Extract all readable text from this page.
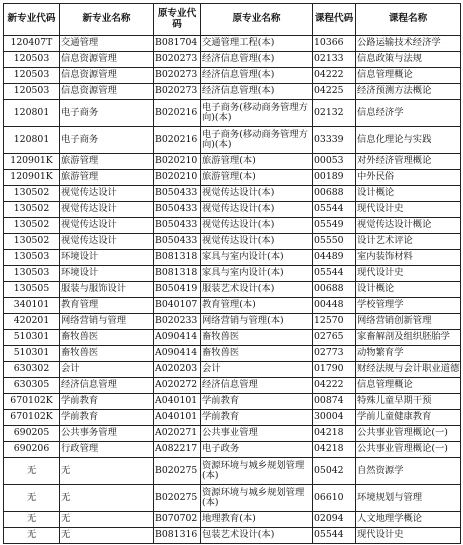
新专业代码	新专业名称	原专业代码	原专业名称	课程代码	课程名称
120407T	交通管理	B081704	交通管理工程(本)	10366	公路运输技术经济学
120503	信息资源管理	B020273	经济信息管理(本)	02133	信息政策与法规
120503	信息资源管理	B020273	经济信息管理(本)	04222	信息管理概论
120503	信息资源管理	B020273	经济信息管理(本)	04225	经济预测方法概论
120801	电子商务	B020216	电子商务(移动商务管理方向)(本)	02132	信息经济学
120801	电子商务	B020216	电子商务(移动商务管理方向)(本)	03339	信息化理论与实践
120901K	旅游管理	B020210	旅游管理(本)	00053	对外经济管理概论
120901K	旅游管理	B020210	旅游管理(本)	00189	中外民俗
130502	视觉传达设计	B050433	视觉传达设计(本)	00688	设计概论
130502	视觉传达设计	B050433	视觉传达设计(本)	05544	现代设计史
130502	视觉传达设计	B050433	视觉传达设计(本)	05549	视觉传达设计概论
130502	视觉传达设计	B050433	视觉传达设计(本)	05550	设计艺术评论
130503	环境设计	B081318	家具与室内设计(本)	04489	室内装饰材料
130503	环境设计	B081318	家具与室内设计(本)	05544	现代设计史
130505	服装与服饰设计	B050419	服装艺术设计(本)	00688	设计概论
340101	教育管理	B040107	教育管理(本)	00448	学校管理学
420201	网络营销与管理	B020233	网络营销与管理(本)	12570	网络营销创新管理
510301	畜牧兽医	A090414	畜牧兽医	02765	家畜解剖及组织胚胎学
510301	畜牧兽医	A090414	畜牧兽医	02773	动物繁育学
630302	会计	A020203	会计	01790	财经法规与会计职业道德
630305	经济信息管理	A020272	经济信息管理	04222	信息管理概论
670102K	学前教育	A040101	学前教育	00874	特殊儿童早期干预
670102K	学前教育	A040101	学前教育	30004	学前儿童健康教育
690205	公共事务管理	A020271	公共事业管理	04218	公共事业管理概论(一)
690206	行政管理	A082217	电子政务	04218	公共事业管理概论(一)
无	无	B020275	资源环境与城乡规划管理(本)	05042	自然资源学
无	无	B020275	资源环境与城乡规划管理(本)	06610	环境规划与管理
无	无	B070702	地理教育(本)	02094	人文地理学概论
无	无	B081316	包装艺术设计(本)	05544	现代设计史
